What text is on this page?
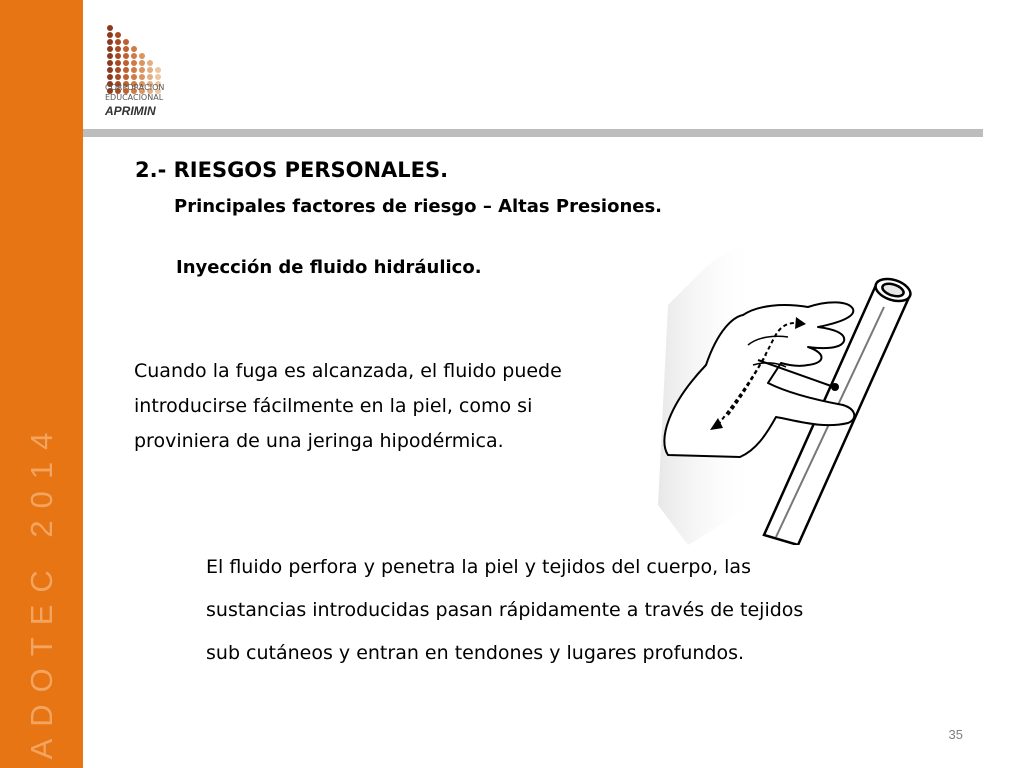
ADOTEC 2014
CORPORACION
EDUCACIONAL
APRIMIN
2.- RIESGOS PERSONALES.
Principales factores de riesgo – Altas Presiones.
Inyección de fluido hidráulico.
Cuando la fuga es alcanzada, el fluido puede
introducirse fácilmente en la piel, como si
proviniera de una jeringa hipodérmica.
El fluido perfora y penetra la piel y tejidos del cuerpo, las
sustancias introducidas pasan rápidamente a través de tejidos
sub cutáneos y entran en tendones y lugares profundos.
35
